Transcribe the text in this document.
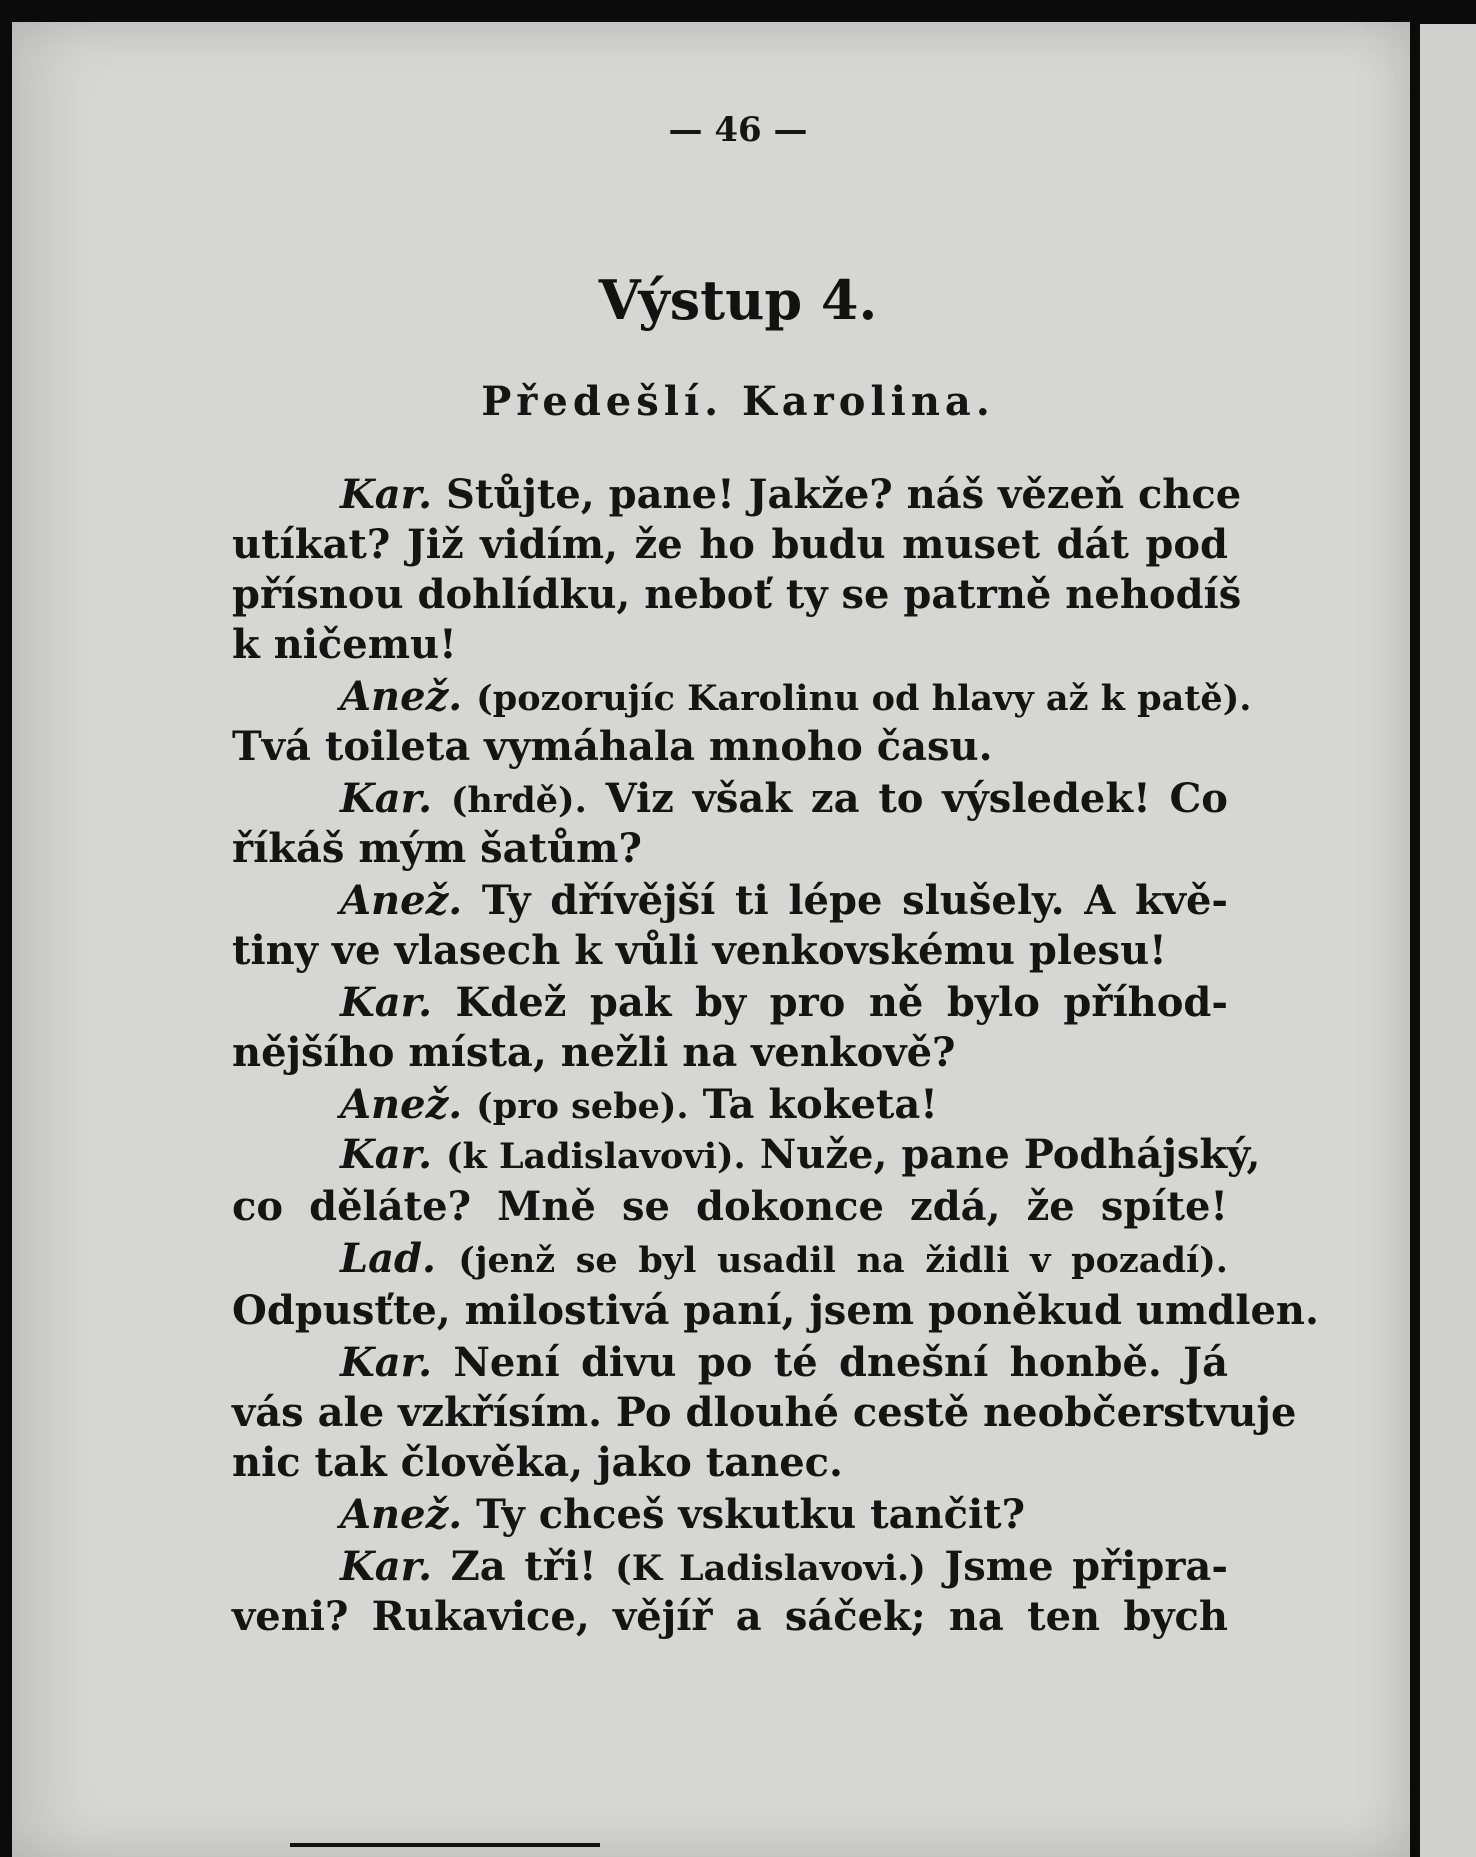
— 46 —
Výstup 4.
Předešlí. Karolina.
Kar. Stůjte, pane! Jakže? náš vězeň chce
utíkat? Již vidím, že ho budu muset dát pod
přísnou dohlídku, neboť ty se patrně nehodíš
k ničemu!
Anež. (pozorujíc Karolinu od hlavy až k patě).
Tvá toileta vymáhala mnoho času.
Kar. (hrdě). Viz však za to výsledek! Co
říkáš mým šatům?
Anež. Ty dřívější ti lépe slušely. A kvě-
tiny ve vlasech k vůli venkovskému plesu!
Kar. Kdež pak by pro ně bylo příhod-
nějšího místa, nežli na venkově?
Anež. (pro sebe). Ta koketa!
Kar. (k Ladislavovi). Nuže, pane Podhájský,
co děláte? Mně se dokonce zdá, že spíte!
Lad. (jenž se byl usadil na židli v pozadí).
Odpusťte, milostivá paní, jsem poněkud umdlen.
Kar. Není divu po té dnešní honbě. Já
vás ale vzkřísím. Po dlouhé cestě neobčerstvuje
nic tak člověka, jako tanec.
Anež. Ty chceš vskutku tančit?
Kar. Za tři! (K Ladislavovi.) Jsme připra-
veni? Rukavice, vějíř a sáček; na ten bych
